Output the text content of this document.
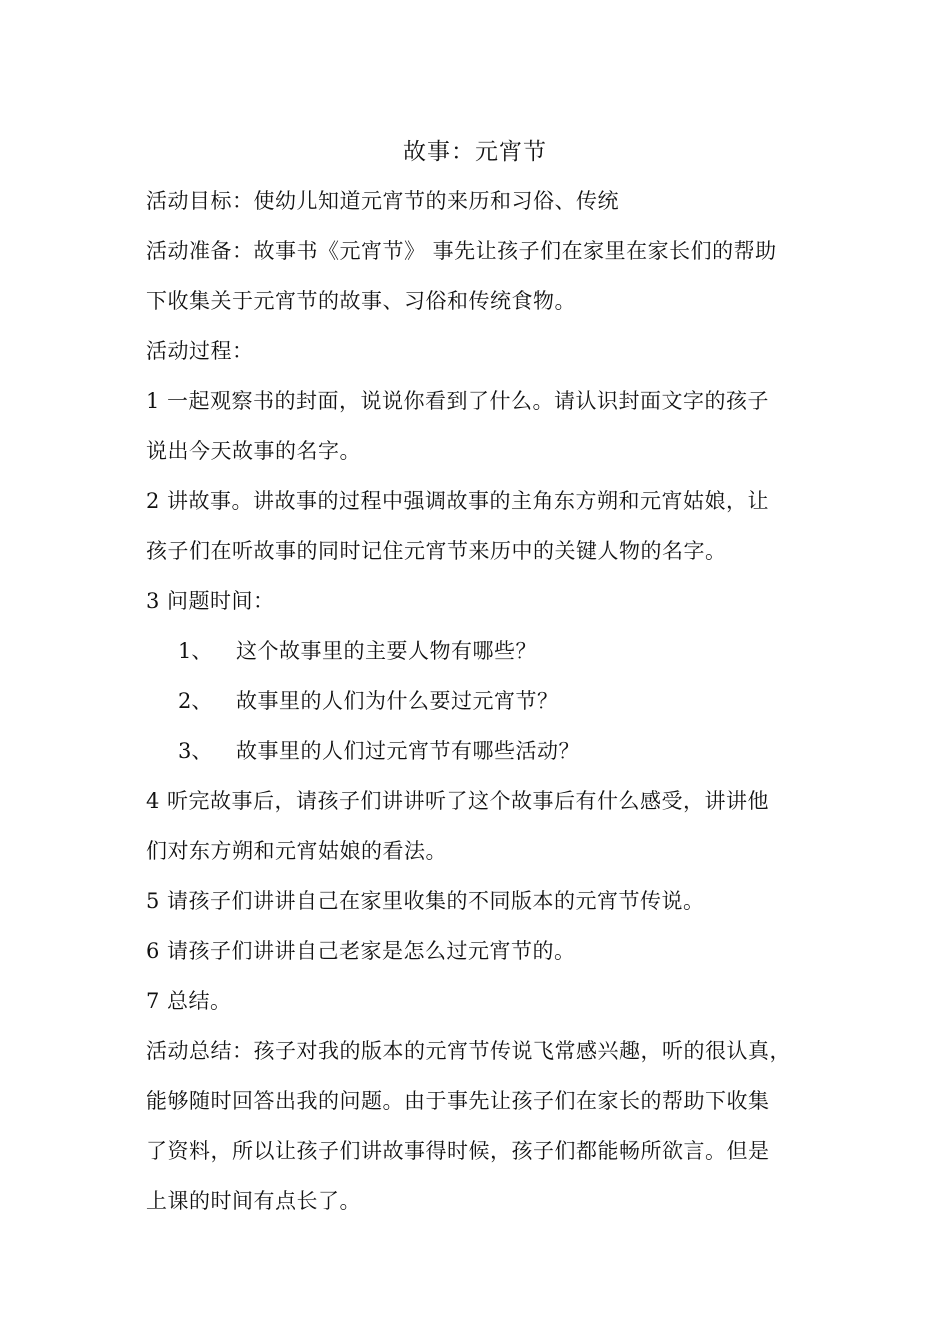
故事：元宵节
活动目标：使幼儿知道元宵节的来历和习俗、传统
活动准备：故事书《元宵节》 事先让孩子们在家里在家长们的帮助
下收集关于元宵节的故事、习俗和传统食物。
活动过程：
1 一起观察书的封面，说说你看到了什么。请认识封面文字的孩子
说出今天故事的名字。
2 讲故事。讲故事的过程中强调故事的主角东方朔和元宵姑娘，让
孩子们在听故事的同时记住元宵节来历中的关键人物的名字。
3 问题时间：
1、 这个故事里的主要人物有哪些？
2、 故事里的人们为什么要过元宵节？
3、 故事里的人们过元宵节有哪些活动？
4 听完故事后，请孩子们讲讲听了这个故事后有什么感受，讲讲他
们对东方朔和元宵姑娘的看法。
5 请孩子们讲讲自己在家里收集的不同版本的元宵节传说。
6 请孩子们讲讲自己老家是怎么过元宵节的。
7 总结。
活动总结：孩子对我的版本的元宵节传说飞常感兴趣，听的很认真，
能够随时回答出我的问题。由于事先让孩子们在家长的帮助下收集
了资料，所以让孩子们讲故事得时候，孩子们都能畅所欲言。但是
上课的时间有点长了。
